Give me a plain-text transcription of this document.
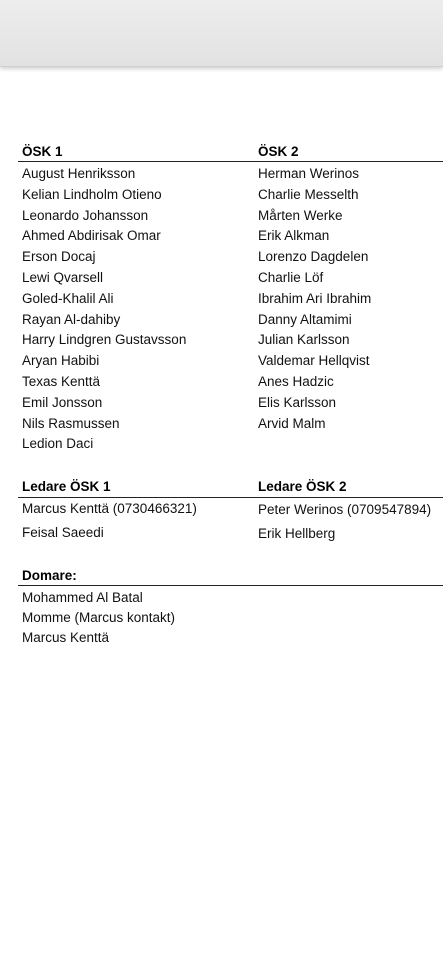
ÖSK 1	ÖSK 2
August Henriksson
Kelian Lindholm Otieno
Leonardo Johansson
Ahmed Abdirisak Omar
Erson Docaj
Lewi Qvarsell
Goled-Khalil Ali
Rayan Al-dahiby
Harry Lindgren Gustavsson
Aryan Habibi
Texas Kenttä
Emil Jonsson
Nils Rasmussen
Ledion Daci
Herman Werinos
Charlie Messelth
Mårten Werke
Erik Alkman
Lorenzo Dagdelen
Charlie Löf
Ibrahim Ari Ibrahim
Danny Altamimi
Julian Karlsson
Valdemar Hellqvist
Anes Hadzic
Elis Karlsson
Arvid Malm
Ledare ÖSK 1	Ledare ÖSK 2
Marcus Kenttä (0730466321)
Feisal Saeedi
Peter Werinos (0709547894)
Erik Hellberg
Domare:
Mohammed Al Batal
Momme (Marcus kontakt)
Marcus Kenttä
